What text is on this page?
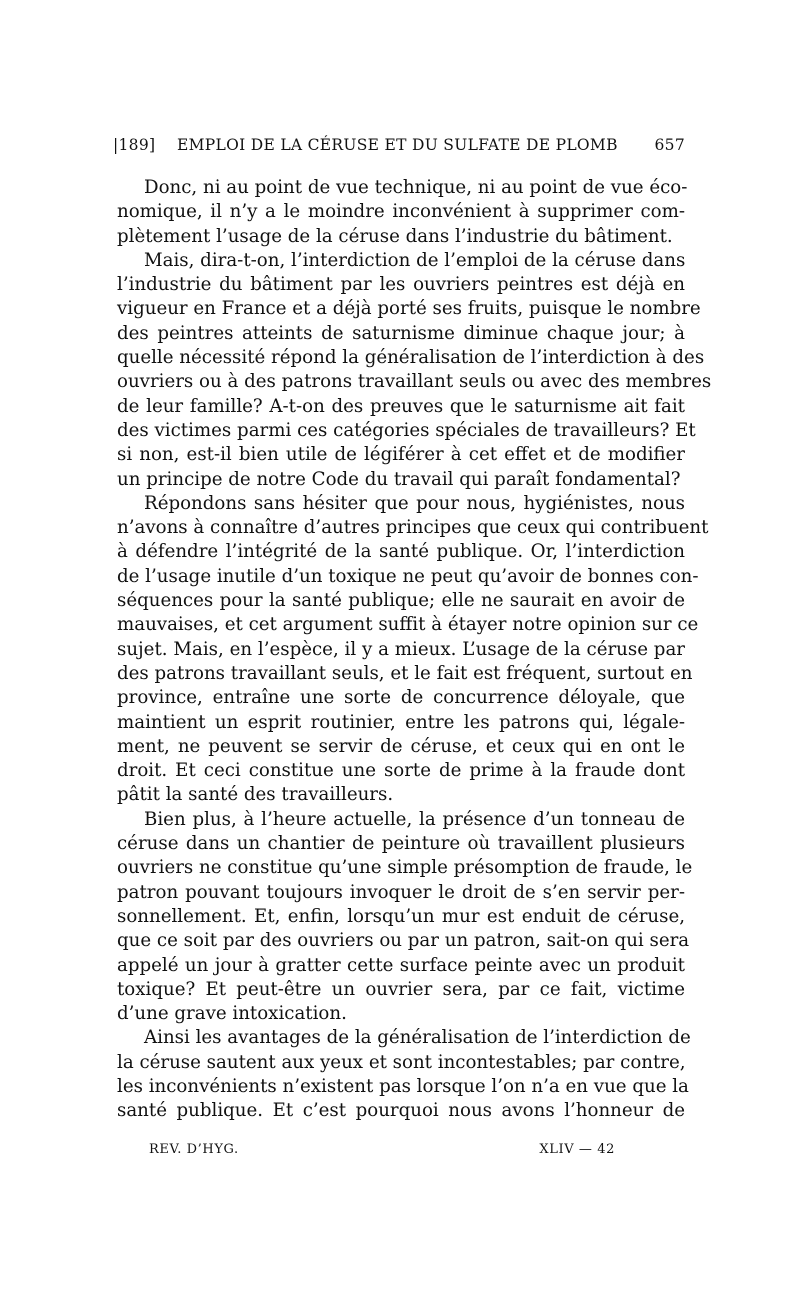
|189] EMPLOI DE LA CÉRUSE ET DU SULFATE DE PLOMB 657
Donc, ni au point de vue technique, ni au point de vue éco-
nomique, il n’y a le moindre inconvénient à supprimer com-
plètement l’usage de la céruse dans l’industrie du bâtiment.
Mais, dira-t-on, l’interdiction de l’emploi de la céruse dans
l’industrie du bâtiment par les ouvriers peintres est déjà en
vigueur en France et a déjà porté ses fruits, puisque le nombre
des peintres atteints de saturnisme diminue chaque jour; à
quelle nécessité répond la généralisation de l’interdiction à des
ouvriers ou à des patrons travaillant seuls ou avec des membres
de leur famille? A-t-on des preuves que le saturnisme ait fait
des victimes parmi ces catégories spéciales de travailleurs? Et
si non, est-il bien utile de légiférer à cet effet et de modifier
un principe de notre Code du travail qui paraît fondamental?
Répondons sans hésiter que pour nous, hygiénistes, nous
n’avons à connaître d’autres principes que ceux qui contribuent
à défendre l’intégrité de la santé publique. Or, l’interdiction
de l’usage inutile d’un toxique ne peut qu’avoir de bonnes con-
séquences pour la santé publique; elle ne saurait en avoir de
mauvaises, et cet argument suffit à étayer notre opinion sur ce
sujet. Mais, en l’espèce, il y a mieux. L’usage de la céruse par
des patrons travaillant seuls, et le fait est fréquent, surtout en
province, entraîne une sorte de concurrence déloyale, que
maintient un esprit routinier, entre les patrons qui, légale-
ment, ne peuvent se servir de céruse, et ceux qui en ont le
droit. Et ceci constitue une sorte de prime à la fraude dont
pâtit la santé des travailleurs.
Bien plus, à l’heure actuelle, la présence d’un tonneau de
céruse dans un chantier de peinture où travaillent plusieurs
ouvriers ne constitue qu’une simple présomption de fraude, le
patron pouvant toujours invoquer le droit de s’en servir per-
sonnellement. Et, enfin, lorsqu’un mur est enduit de céruse,
que ce soit par des ouvriers ou par un patron, sait-on qui sera
appelé un jour à gratter cette surface peinte avec un produit
toxique? Et peut-être un ouvrier sera, par ce fait, victime
d’une grave intoxication.
Ainsi les avantages de la généralisation de l’interdiction de
la céruse sautent aux yeux et sont incontestables; par contre,
les inconvénients n’existent pas lorsque l’on n’a en vue que la
santé publique. Et c’est pourquoi nous avons l’honneur de
REV. D’HYG.	XLIV — 42
